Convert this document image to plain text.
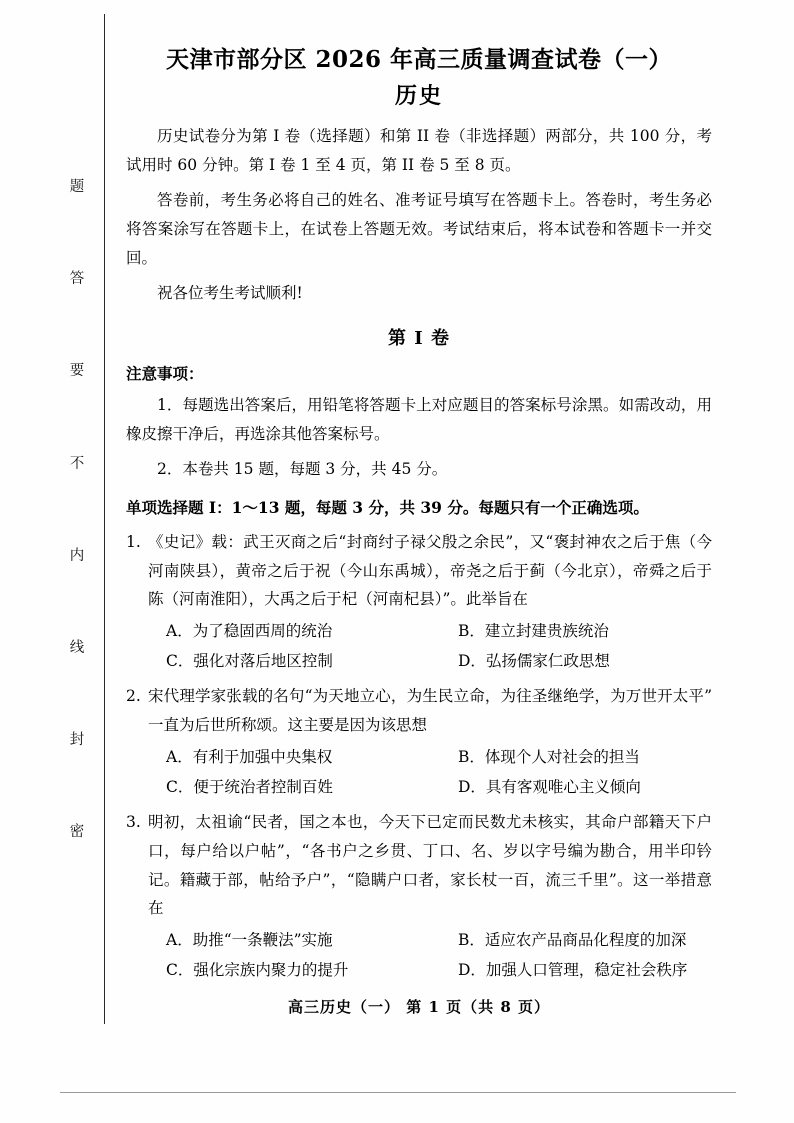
题
答
要
不
内
线
封
密
天津市部分区 2026 年高三质量调查试卷（一）
历史

历史试卷分为第 I 卷（选择题）和第 II 卷（非选择题）两部分，共 100 分，考试用时 60 分钟。第 I 卷 1 至 4 页，第 II 卷 5 至 8 页。

答卷前，考生务必将自己的姓名、准考证号填写在答题卡上。答卷时，考生务必将答案涂写在答题卡上，在试卷上答题无效。考试结束后，将本试卷和答题卡一并交回。

祝各位考生考试顺利!

第 I 卷
注意事项：

1．每题选出答案后，用铅笔将答题卡上对应题目的答案标号涂黑。如需改动，用橡皮擦干净后，再选涂其他答案标号。

2．本卷共 15 题，每题 3 分，共 45 分。

单项选择题 I：1～13 题，每题 3 分，共 39 分。每题只有一个正确选项。
1. 《史记》载：武王灭商之后“封商纣子禄父殷之余民”，又“褒封神农之后于焦（今河南陕县），黄帝之后于祝（今山东禹城），帝尧之后于蓟（今北京），帝舜之后于陈（河南淮阳），大禹之后于杞（河南杞县）”。此举旨在
A．为了稳固西周的统治	B．建立封建贵族统治
C．强化对落后地区控制	D．弘扬儒家仁政思想
2. 宋代理学家张载的名句“为天地立心，为生民立命，为往圣继绝学，为万世开太平”一直为后世所称颂。这主要是因为该思想
A．有利于加强中央集权	B．体现个人对社会的担当
C．便于统治者控制百姓	D．具有客观唯心主义倾向
3. 明初，太祖谕“民者，国之本也，今天下已定而民数尤未核实，其命户部籍天下户口，每户给以户帖”，“各书户之乡贯、丁口、名、岁以字号编为勘合，用半印钤记。籍藏于部，帖给予户”，“隐瞒户口者，家长杖一百，流三千里”。这一举措意在
A．助推“一条鞭法”实施	B．适应农产品商品化程度的加深
C．强化宗族内聚力的提升	D．加强人口管理，稳定社会秩序
高三历史（一） 第 1 页（共 8 页）
